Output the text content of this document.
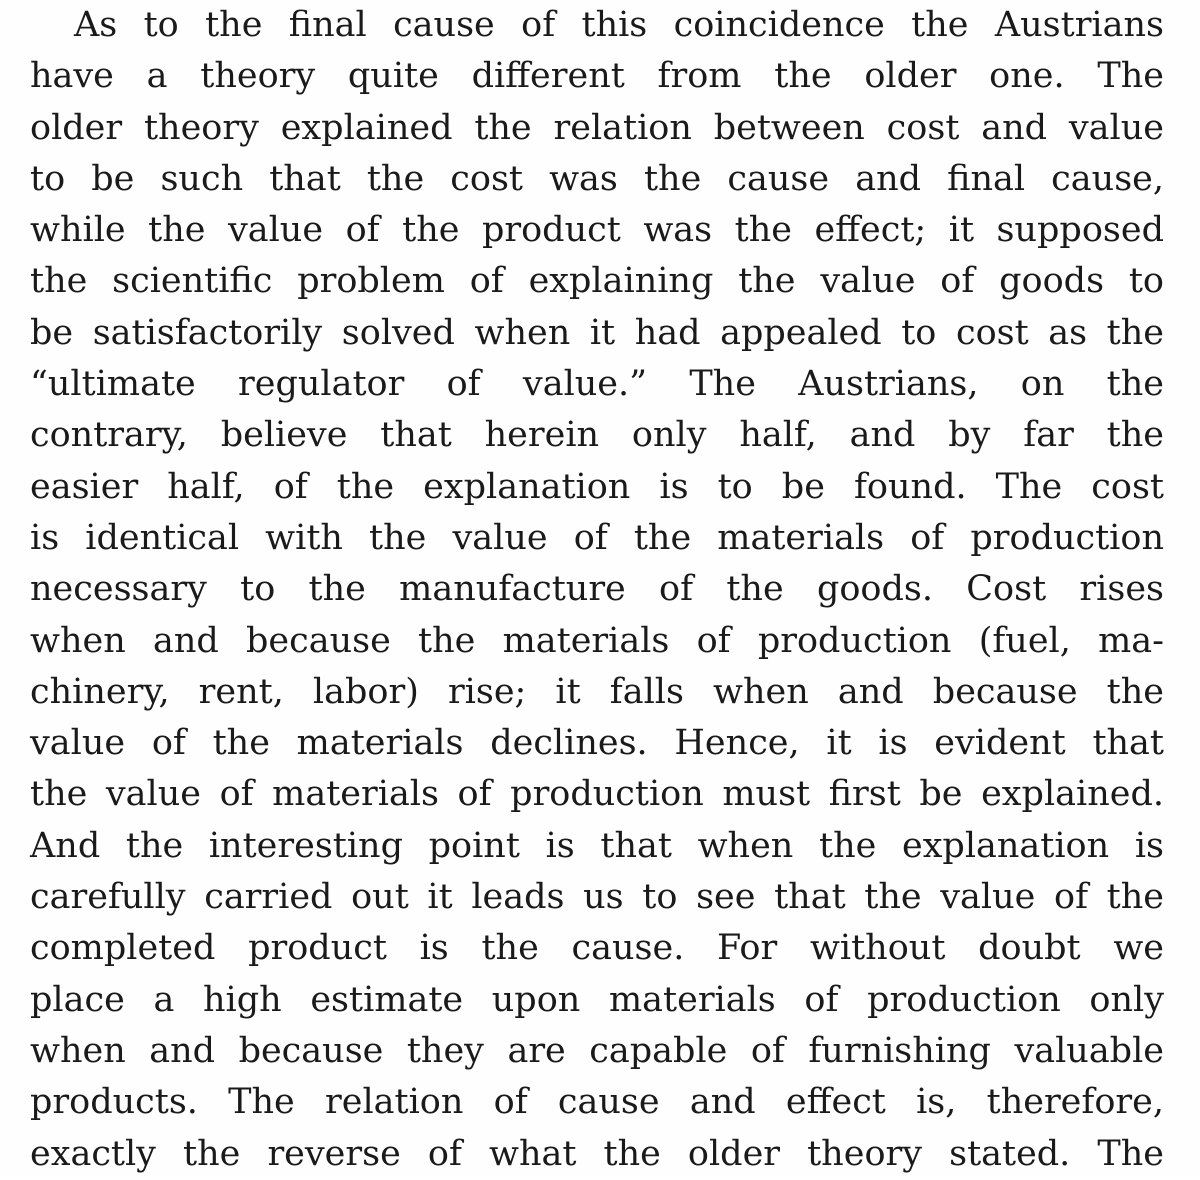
As to the final cause of this coincidence the Austrians
have a theory quite different from the older one. The
older theory explained the relation between cost and value
to be such that the cost was the cause and final cause,
while the value of the product was the effect; it supposed
the scientific problem of explaining the value of goods to
be satisfactorily solved when it had appealed to cost as the
“ultimate regulator of value.” The Austrians, on the
contrary, believe that herein only half, and by far the
easier half, of the explanation is to be found. The cost
is identical with the value of the materials of production
necessary to the manufacture of the goods. Cost rises
when and because the materials of production (fuel, ma-
chinery, rent, labor) rise; it falls when and because the
value of the materials declines. Hence, it is evident that
the value of materials of production must first be explained.
And the interesting point is that when the explanation is
carefully carried out it leads us to see that the value of the
completed product is the cause. For without doubt we
place a high estimate upon materials of production only
when and because they are capable of furnishing valuable
products. The relation of cause and effect is, therefore,
exactly the reverse of what the older theory stated. The
